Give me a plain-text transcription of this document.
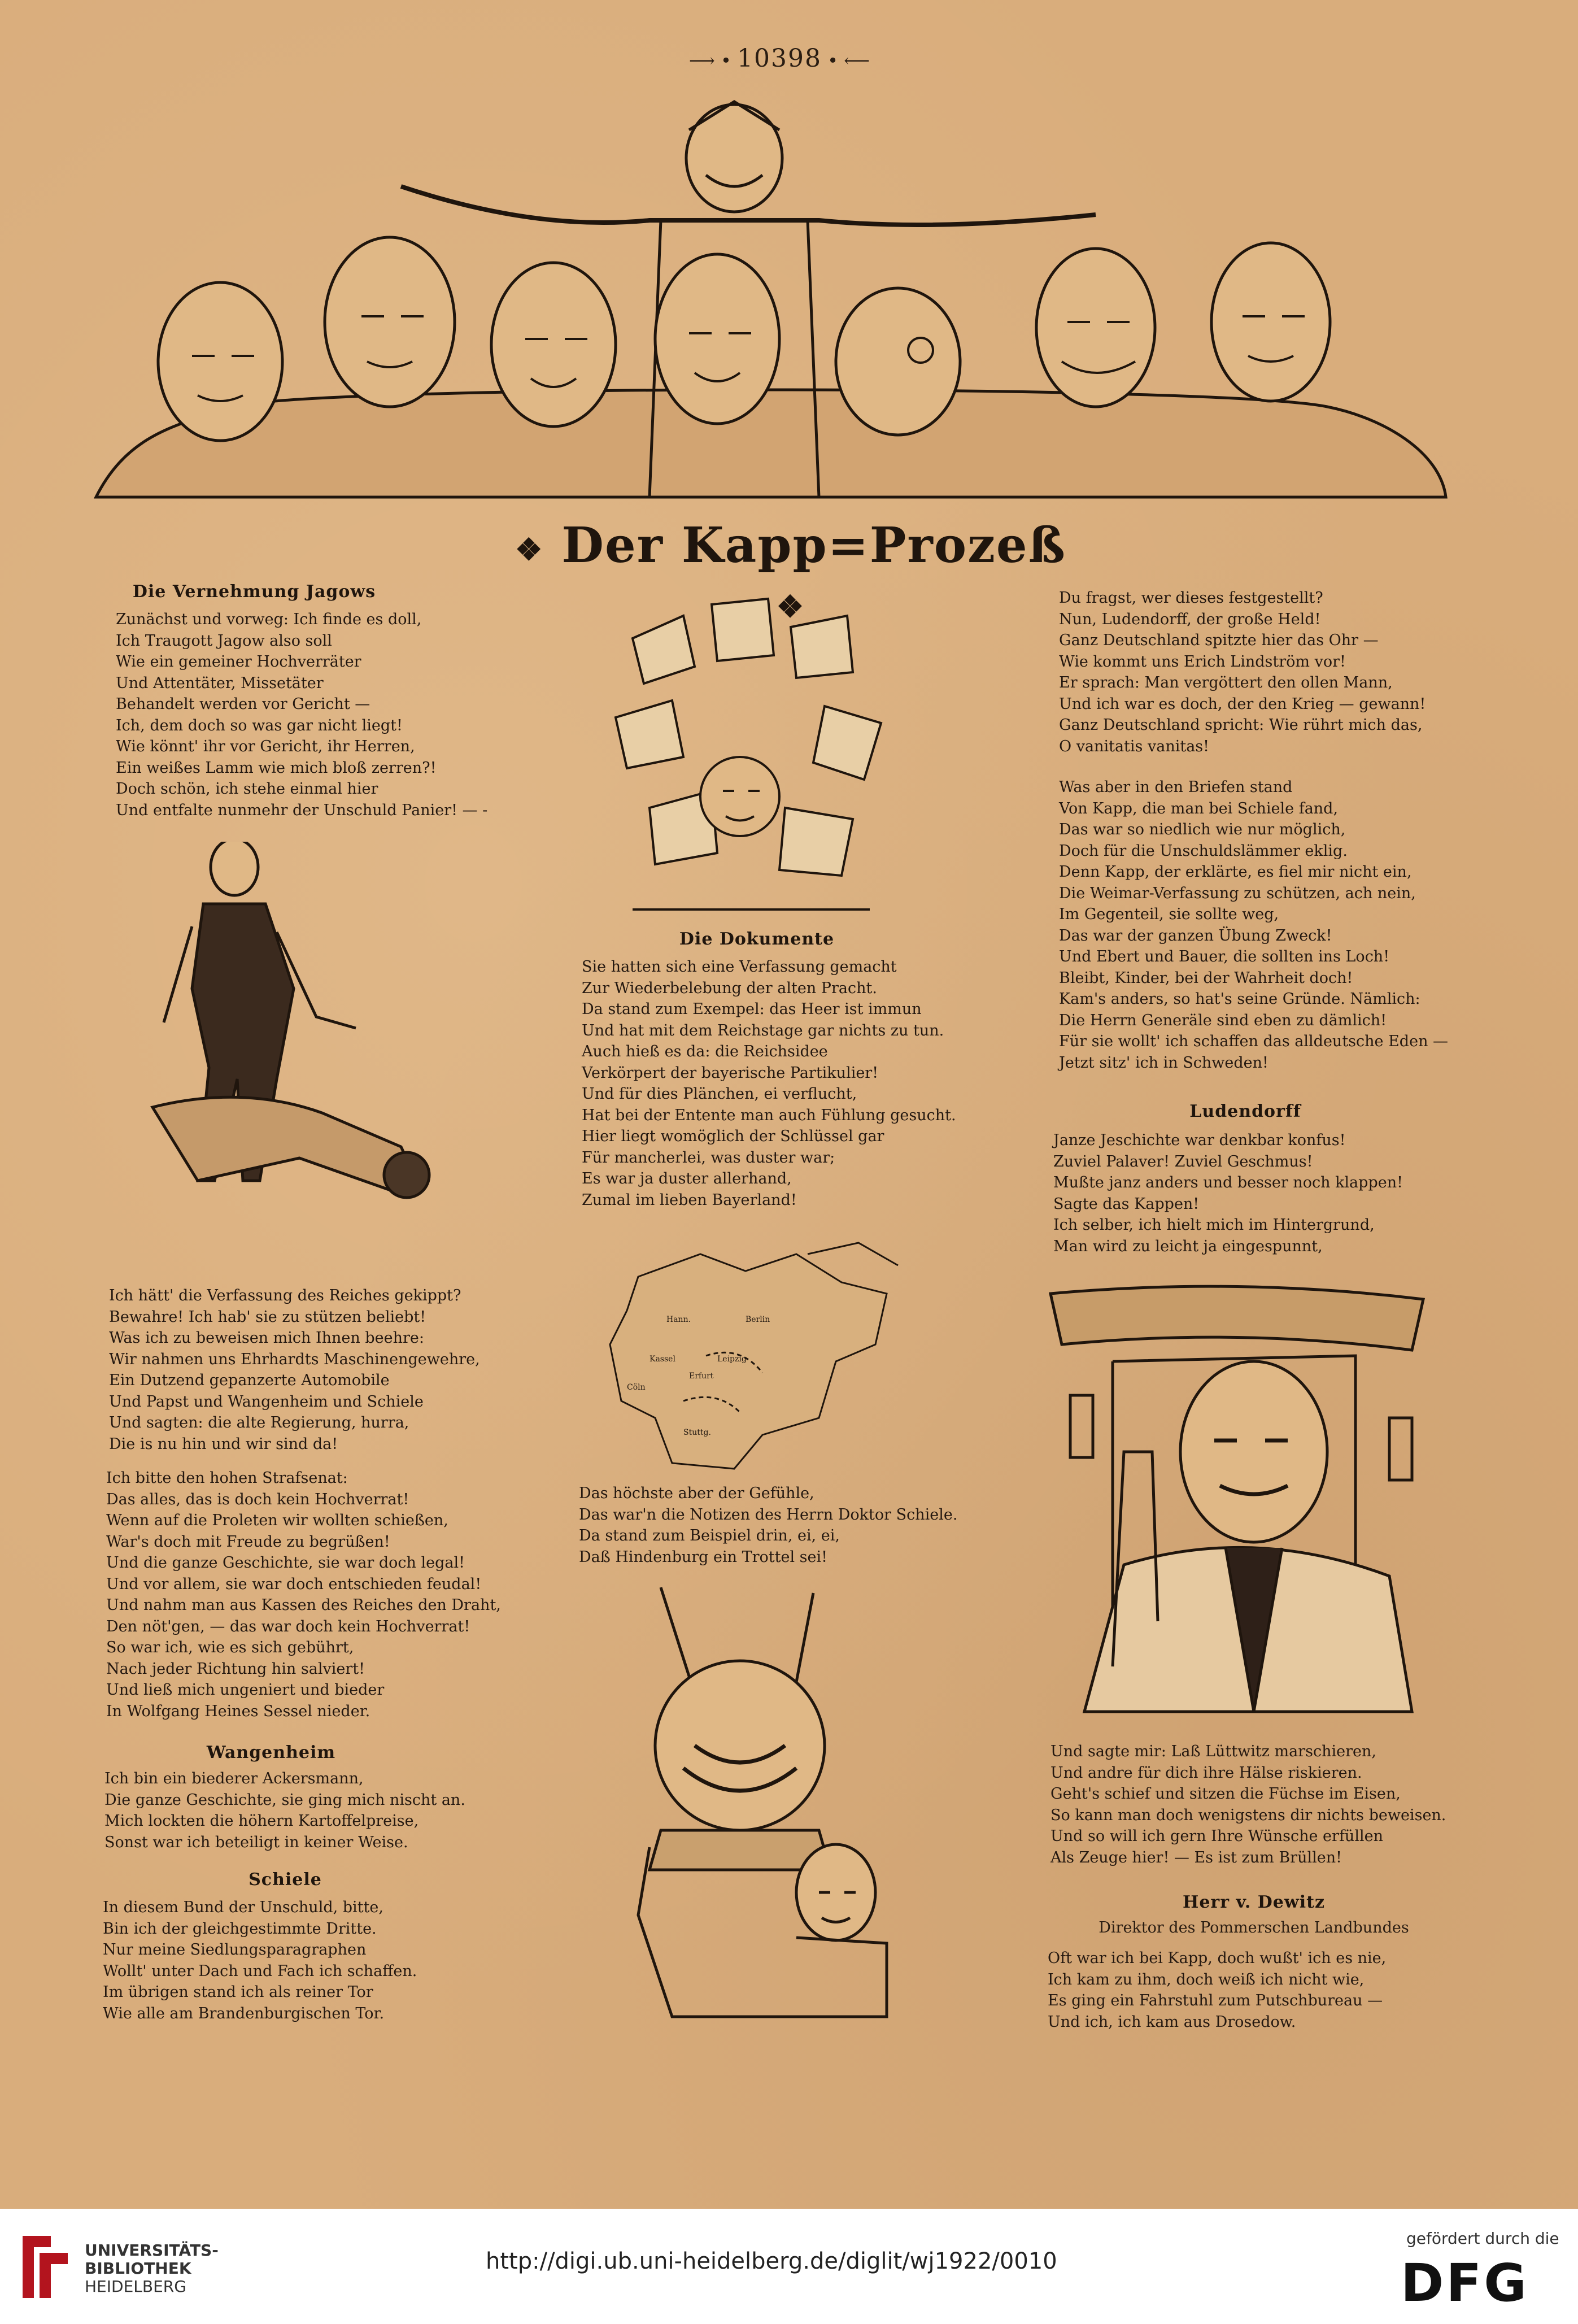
⟶ • 10398 • ⟵
❖ Der Kapp=Prozeß ❖
Die Vernehmung Jagows
Zunächst und vorweg: Ich finde es doll,
Ich Traugott Jagow also soll
Wie ein gemeiner Hochverräter
Und Attentäter, Missetäter
Behandelt werden vor Gericht —
Ich, dem doch so was gar nicht liegt!
Wie könnt' ihr vor Gericht, ihr Herren,
Ein weißes Lamm wie mich bloß zerren?!
Doch schön, ich stehe einmal hier
Und entfalte nunmehr der Unschuld Panier! — -
Ich hätt' die Verfassung des Reiches gekippt?
Bewahre! Ich hab' sie zu stützen beliebt!
Was ich zu beweisen mich Ihnen beehre:
Wir nahmen uns Ehrhardts Maschinengewehre,
Ein Dutzend gepanzerte Automobile
Und Papst und Wangenheim und Schiele
Und sagten: die alte Regierung, hurra,
Die is nu hin und wir sind da!
Ich bitte den hohen Strafsenat:
Das alles, das is doch kein Hochverrat!
Wenn auf die Proleten wir wollten schießen,
War's doch mit Freude zu begrüßen!
Und die ganze Geschichte, sie war doch legal!
Und vor allem, sie war doch entschieden feudal!
Und nahm man aus Kassen des Reiches den Draht,
Den nöt'gen, — das war doch kein Hochverrat!
So war ich, wie es sich gebührt,
Nach jeder Richtung hin salviert!
Und ließ mich ungeniert und bieder
In Wolfgang Heines Sessel nieder.
Wangenheim
Ich bin ein biederer Ackersmann,
Die ganze Geschichte, sie ging mich nischt an.
Mich lockten die höhern Kartoffelpreise,
Sonst war ich beteiligt in keiner Weise.
Schiele
In diesem Bund der Unschuld, bitte,
Bin ich der gleichgestimmte Dritte.
Nur meine Siedlungsparagraphen
Wollt' unter Dach und Fach ich schaffen.
Im übrigen stand ich als reiner Tor
Wie alle am Brandenburgischen Tor.
Die Dokumente
Sie hatten sich eine Verfassung gemacht
Zur Wiederbelebung der alten Pracht.
Da stand zum Exempel: das Heer ist immun
Und hat mit dem Reichstage gar nichts zu tun.
Auch hieß es da: die Reichsidee
Verkörpert der bayerische Partikulier!
Und für dies Plänchen, ei verflucht,
Hat bei der Entente man auch Fühlung gesucht.
Hier liegt womöglich der Schlüssel gar
Für mancherlei, was duster war;
Es war ja duster allerhand,
Zumal im lieben Bayerland!
Hann.	Berlin
Leipzig
Erfurt
Kassel
Cöln
Stuttg.
Das höchste aber der Gefühle,
Das war'n die Notizen des Herrn Doktor Schiele.
Da stand zum Beispiel drin, ei, ei,
Daß Hindenburg ein Trottel sei!
Du fragst, wer dieses festgestellt?
Nun, Ludendorff, der große Held!
Ganz Deutschland spitzte hier das Ohr —
Wie kommt uns Erich Lindström vor!
Er sprach: Man vergöttert den ollen Mann,
Und ich war es doch, der den Krieg — gewann!
Ganz Deutschland spricht: Wie rührt mich das,
O vanitatis vanitas!
Was aber in den Briefen stand
Von Kapp, die man bei Schiele fand,
Das war so niedlich wie nur möglich,
Doch für die Unschuldslämmer eklig.
Denn Kapp, der erklärte, es fiel mir nicht ein,
Die Weimar-Verfassung zu schützen, ach nein,
Im Gegenteil, sie sollte weg,
Das war der ganzen Übung Zweck!
Und Ebert und Bauer, die sollten ins Loch!
Bleibt, Kinder, bei der Wahrheit doch!
Kam's anders, so hat's seine Gründe. Nämlich:
Die Herrn Generäle sind eben zu dämlich!
Für sie wollt' ich schaffen das alldeutsche Eden —
Jetzt sitz' ich in Schweden!
Ludendorff
Janze Jeschichte war denkbar konfus!
Zuviel Palaver! Zuviel Geschmus!
Mußte janz anders und besser noch klappen!
Sagte das Kappen!
Ich selber, ich hielt mich im Hintergrund,
Man wird zu leicht ja eingespunnt,
Und sagte mir: Laß Lüttwitz marschieren,
Und andre für dich ihre Hälse riskieren.
Geht's schief und sitzen die Füchse im Eisen,
So kann man doch wenigstens dir nichts beweisen.
Und so will ich gern Ihre Wünsche erfüllen
Als Zeuge hier! — Es ist zum Brüllen!
Herr v. Dewitz
Direktor des Pommerschen Landbundes
Oft war ich bei Kapp, doch wußt' ich es nie,
Ich kam zu ihm, doch weiß ich nicht wie,
Es ging ein Fahrstuhl zum Putschbureau —
Und ich, ich kam aus Drosedow.
UNIVERSITÄTS-
BIBLIOTHEK
HEIDELBERG
http://digi.ub.uni-heidelberg.de/diglit/wj1922/0010
gefördert durch die
DFG
